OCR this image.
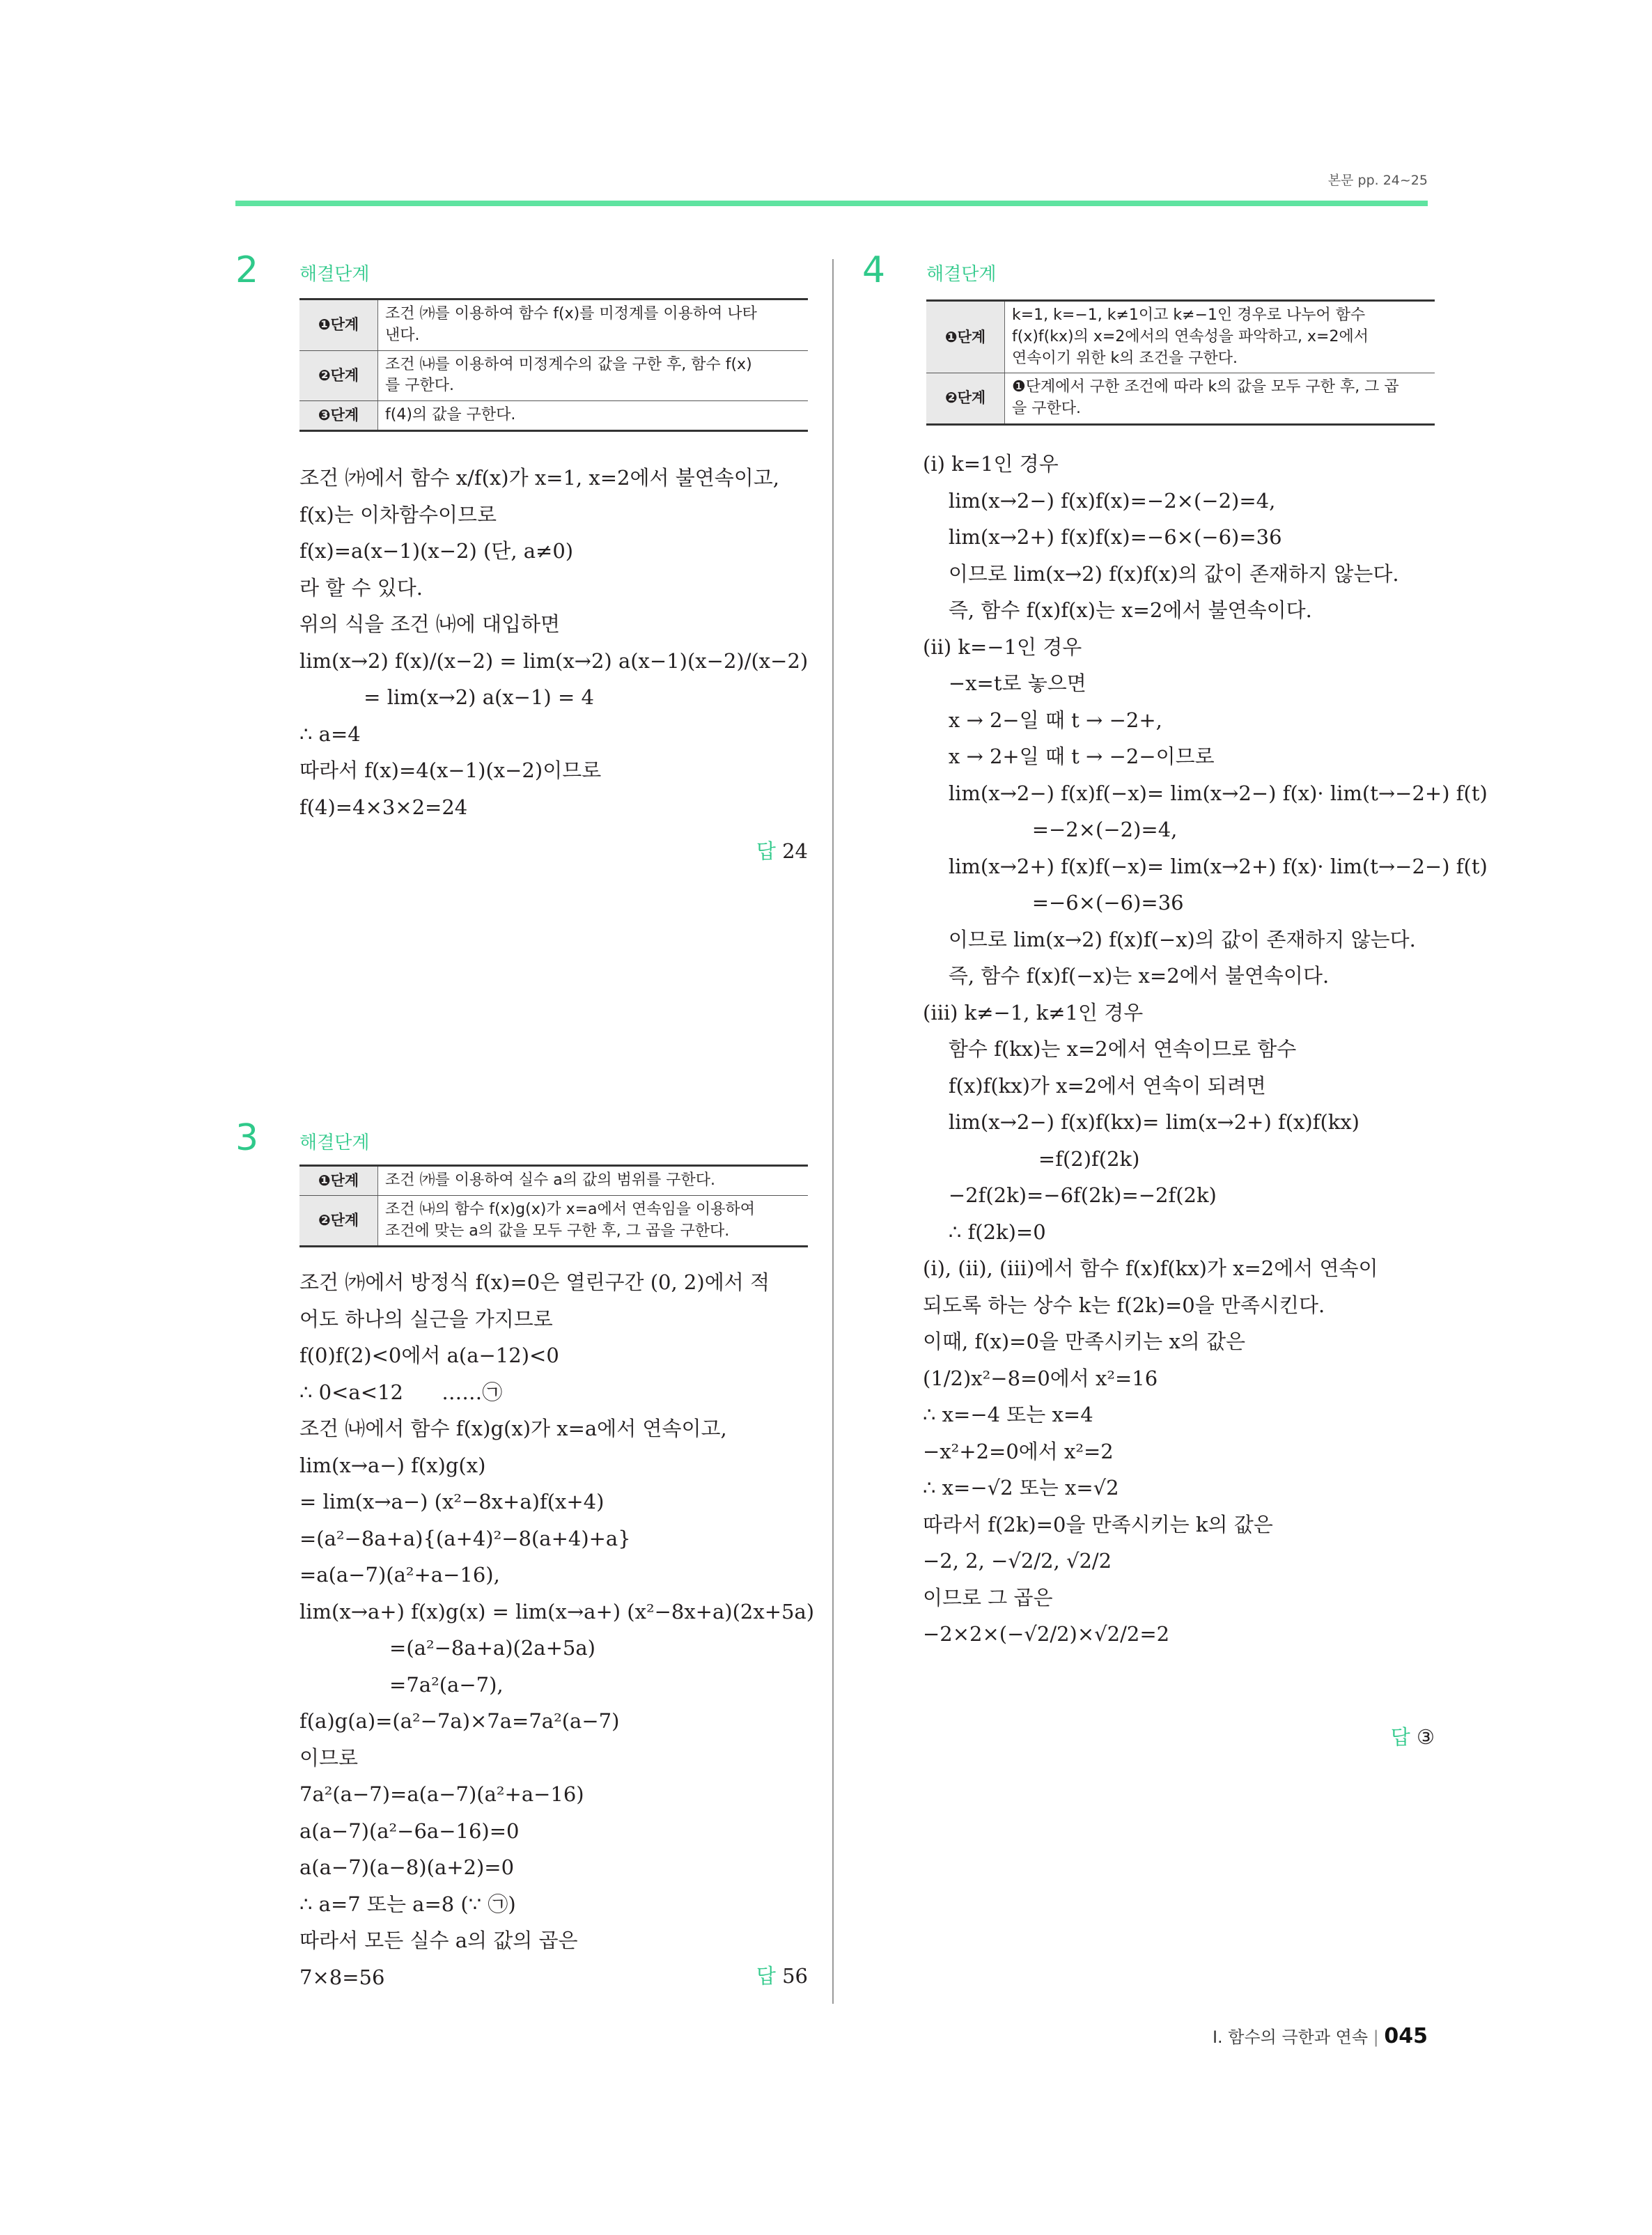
본문 pp. 24~25
2 해결단계
❶단계	조건 ㈎를 이용하여 함수 f(x)를 미정계를 이용하여 나타
낸다.
❷단계	조건 ㈏를 이용하여 미정계수의 값을 구한 후, 함수 f(x)
를 구한다.
❸단계	f(4)의 값을 구한다.
조건 ㈎에서 함수 x/f(x)가 x=1, x=2에서 불연속이고,
f(x)는 이차함수이므로
f(x)=a(x−1)(x−2) (단, a≠0)
라 할 수 있다.
위의 식을 조건 ㈏에 대입하면
lim(x→2) f(x)/(x−2) = lim(x→2) a(x−1)(x−2)/(x−2)
= lim(x→2) a(x−1) = 4
∴ a=4
따라서 f(x)=4(x−1)(x−2)이므로
f(4)=4×3×2=24
답 24
3 해결단계
❶단계	조건 ㈎를 이용하여 실수 a의 값의 범위를 구한다.
❷단계	조건 ㈏의 함수 f(x)g(x)가 x=a에서 연속임을 이용하여
조건에 맞는 a의 값을 모두 구한 후, 그 곱을 구한다.
조건 ㈎에서 방정식 f(x)=0은 열린구간 (0, 2)에서 적
어도 하나의 실근을 가지므로
f(0)f(2)<0에서 a(a−12)<0
∴ 0<a<12      ……㉠
조건 ㈏에서 함수 f(x)g(x)가 x=a에서 연속이고,
lim(x→a−) f(x)g(x)
= lim(x→a−) (x²−8x+a)f(x+4)
=(a²−8a+a){(a+4)²−8(a+4)+a}
=a(a−7)(a²+a−16),
lim(x→a+) f(x)g(x) = lim(x→a+) (x²−8x+a)(2x+5a)
=(a²−8a+a)(2a+5a)
=7a²(a−7),
f(a)g(a)=(a²−7a)×7a=7a²(a−7)
이므로
7a²(a−7)=a(a−7)(a²+a−16)
a(a−7)(a²−6a−16)=0
a(a−7)(a−8)(a+2)=0
∴ a=7 또는 a=8 (∵ ㉠)
따라서 모든 실수 a의 값의 곱은
7×8=56	답 56
4 해결단계
❶단계	k=1, k=−1, k≠1이고 k≠−1인 경우로 나누어 함수
f(x)f(kx)의 x=2에서의 연속성을 파악하고, x=2에서
연속이기 위한 k의 조건을 구한다.
❷단계	❶단계에서 구한 조건에 따라 k의 값을 모두 구한 후, 그 곱
을 구한다.
(ⅰ) k=1인 경우
lim(x→2−) f(x)f(x)=−2×(−2)=4,
lim(x→2+) f(x)f(x)=−6×(−6)=36
이므로 lim(x→2) f(x)f(x)의 값이 존재하지 않는다.
즉, 함수 f(x)f(x)는 x=2에서 불연속이다.
(ⅱ) k=−1인 경우
−x=t로 놓으면
x → 2−일 때 t → −2+,
x → 2+일 때 t → −2−이므로
lim(x→2−) f(x)f(−x)= lim(x→2−) f(x)· lim(t→−2+) f(t)
=−2×(−2)=4,
lim(x→2+) f(x)f(−x)= lim(x→2+) f(x)· lim(t→−2−) f(t)
=−6×(−6)=36
이므로 lim(x→2) f(x)f(−x)의 값이 존재하지 않는다.
즉, 함수 f(x)f(−x)는 x=2에서 불연속이다.
(ⅲ) k≠−1, k≠1인 경우
함수 f(kx)는 x=2에서 연속이므로 함수
f(x)f(kx)가 x=2에서 연속이 되려면
lim(x→2−) f(x)f(kx)= lim(x→2+) f(x)f(kx)
=f(2)f(2k)
−2f(2k)=−6f(2k)=−2f(2k)
∴ f(2k)=0
(ⅰ), (ⅱ), (ⅲ)에서 함수 f(x)f(kx)가 x=2에서 연속이
되도록 하는 상수 k는 f(2k)=0을 만족시킨다.
이때, f(x)=0을 만족시키는 x의 값은
(1/2)x²−8=0에서 x²=16
∴ x=−4 또는 x=4
−x²+2=0에서 x²=2
∴ x=−√2 또는 x=√2
따라서 f(2k)=0을 만족시키는 k의 값은
−2, 2, −√2/2, √2/2
이므로 그 곱은
−2×2×(−√2/2)×√2/2=2
답 ③
Ⅰ. 함수의 극한과 연속 | 045
